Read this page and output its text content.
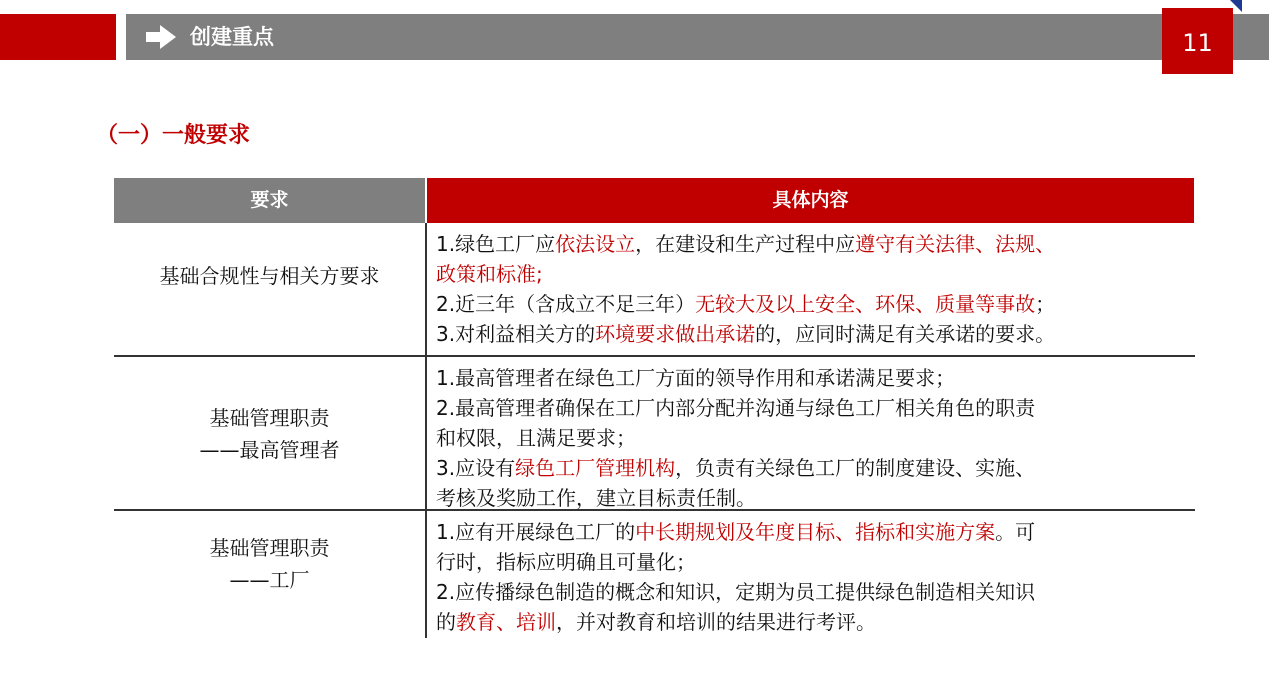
创建重点	11
（一）一般要求
要求	具体内容
基础合规性与相关方要求
1.绿色工厂应依法设立，在建设和生产过程中应遵守有关法律、法规、
政策和标准;
2.近三年（含成立不足三年）无较大及以上安全、环保、质量等事故；
3.对利益相关方的环境要求做出承诺的，应同时满足有关承诺的要求。
基础管理职责
——最高管理者
1.最高管理者在绿色工厂方面的领导作用和承诺满足要求；
2.最高管理者确保在工厂内部分配并沟通与绿色工厂相关角色的职责
和权限，且满足要求；
3.应设有绿色工厂管理机构，负责有关绿色工厂的制度建设、实施、
考核及奖励工作，建立目标责任制。
基础管理职责
——工厂
1.应有开展绿色工厂的中长期规划及年度目标、指标和实施方案。可
行时，指标应明确且可量化；
2.应传播绿色制造的概念和知识，定期为员工提供绿色制造相关知识
的教育、培训，并对教育和培训的结果进行考评。
